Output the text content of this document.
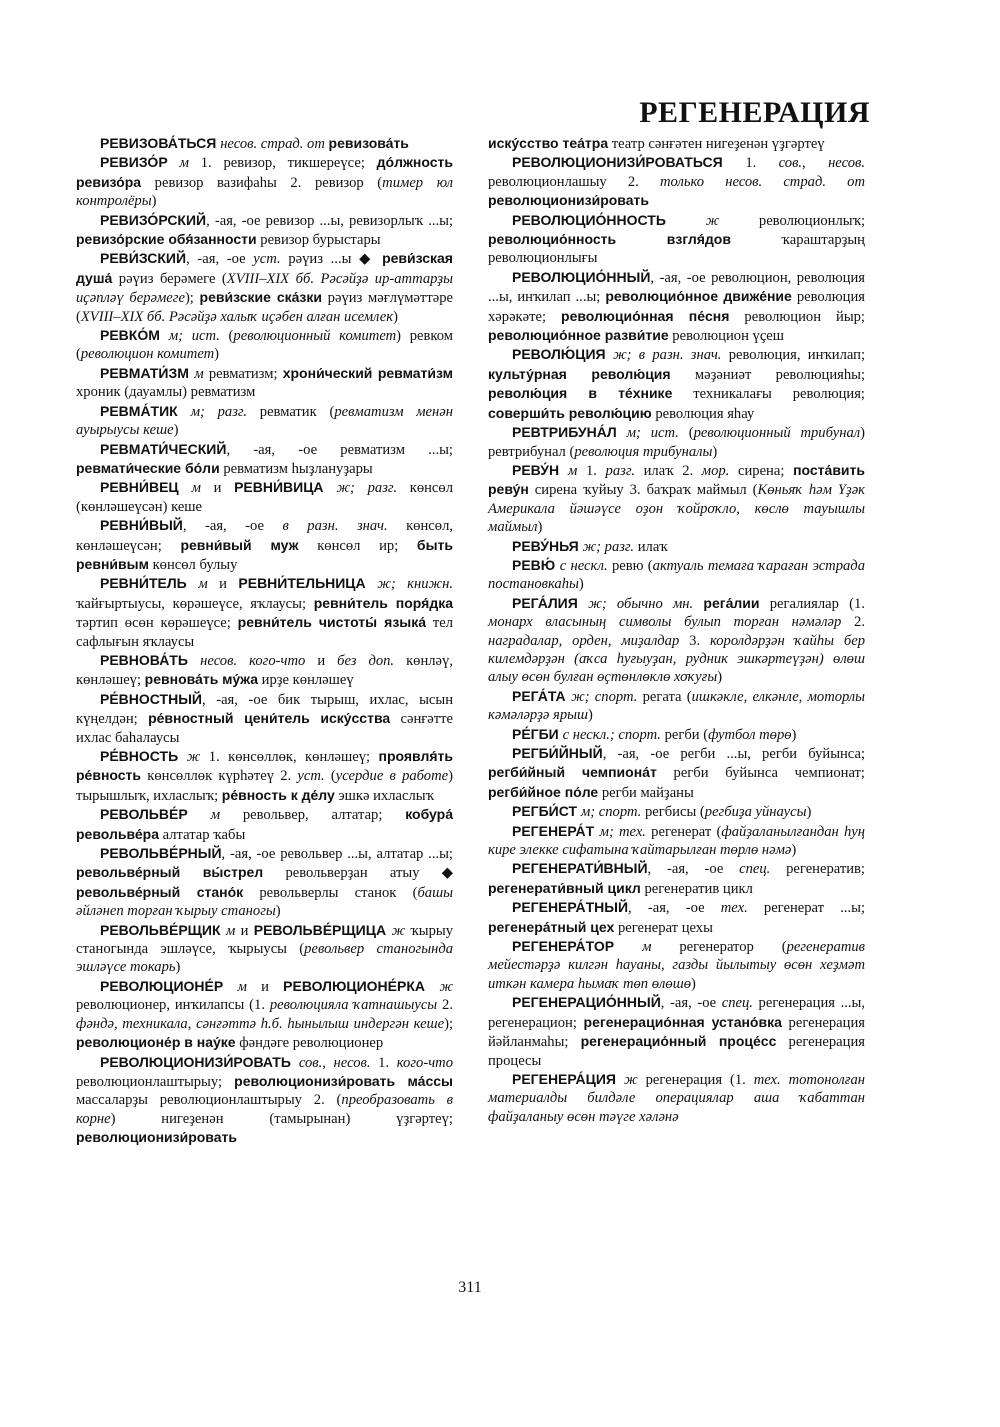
РЕГЕНЕРАЦИЯ

РЕВИЗОВА́ТЬСЯ несов. страд. от ревизова́ть

РЕВИЗО́Р м 1. ревизор, тикшереүсе; до́лжность ревизо́ра ревизор вазифаһы 2. ревизор (тимер юл контролёры)

РЕВИЗО́РСКИЙ, -ая, -ое ревизор ...ы, ревизорлыҡ ...ы; ревизо́рские обя́занности ревизор бурыстары

РЕВИ́ЗСКИЙ, -ая, -ое уст. рәүиз ...ы ◆ реви́зская душа́ рәүиз берәмеге (XVIII–XIX бб. Рәсәйҙә ир-аттарҙы иҫәпләү берәмеге); реви́зские ска́зки рәүиз мәғлүмәттәре (XVIII–XIX бб. Рәсәйҙә халыҡ иҫәбен алған исемлек)

РЕВКО́М м; ист. (революционный комитет) ревком (революцион комитет)

РЕВМАТИ́ЗМ м ревматизм; хрони́ческий ревмати́зм хроник (дауамлы) ревматизм

РЕВМА́ТИК м; разг. ревматик (ревматизм менән ауырыусы кеше)

РЕВМАТИ́ЧЕСКИЙ, -ая, -ое ревматизм ...ы; ревмати́ческие бо́ли ревматизм һыҙлануҙары

РЕВНИ́ВЕЦ м и РЕВНИ́ВИЦА ж; разг. көнсөл (көнләшеүсән) кеше

РЕВНИ́ВЫЙ, -ая, -ое в разн. знач. көнсөл, көнләшеүсән; ревни́вый муж көнсөл ир; быть ревни́вым көнсөл булыу

РЕВНИ́ТЕЛЬ м и РЕВНИ́ТЕЛЬНИЦА ж; книжн. ҡайғыртыусы, көрәшеүсе, яҡлаусы; ревни́тель поря́дка тәртип өсөн көрәшеүсе; ревни́тель чистоты́ языка́ тел сафлығын яҡлаусы

РЕВНОВА́ТЬ несов. кого-что и без доп. көнләү, көнләшеү; ревнова́ть му́жа ирҙе көнләшеү

РЕ́ВНОСТНЫЙ, -ая, -ое бик тырыш, ихлас, ысын күңелдән; ре́вностный цени́тель иску́сства сәнғәтте ихлас баһалаусы

РЕ́ВНОСТЬ ж 1. көнсөллөк, көнләшеү; проявля́ть ре́вность көнсөллөк күрһәтеү 2. уст. (усердие в работе) тырышлыҡ, ихласлыҡ; ре́вность к де́лу эшкә ихласлыҡ

РЕВОЛЬВЕ́Р м револьвер, алтатар; кобура́ револьве́ра алтатар ҡабы

РЕВОЛЬВЕ́РНЫЙ, -ая, -ое револьвер ...ы, алтатар ...ы; револьве́рный вы́стрел револьверҙан атыу ◆ револьве́рный стано́к револьверлы станок (башы әйләнеп торған ҡырыу станогы)

РЕВОЛЬВЕ́РЩИК м и РЕВОЛЬВЕ́РЩИЦА ж ҡырыу станогында эшләүсе, ҡырыусы (револьвер станогында эшләүсе токарь)

РЕВОЛЮЦИОНЕ́Р м и РЕВОЛЮЦИОНЕ́РКА ж революционер, инҡилапсы (1. революцияла ҡатнашыусы 2. фәндә, техникала, сәнғәттә һ.б. һынылыш индергән кеше); революционе́р в нау́ке фәндәге революционер

РЕВОЛЮЦИОНИЗИ́РОВАТЬ сов., несов. 1. кого-что революционлаштырыу; революционизи́ровать ма́ссы массаларҙы революционлаштырыу 2. (преобразовать в корне) нигеҙенән (тамырынан) үҙгәртеү; революционизи́ровать

иску́сство теа́тра театр сәнғәтен нигеҙенән үҙгәртеү

РЕВОЛЮЦИОНИЗИ́РОВАТЬСЯ 1. сов., несов. революционлашыу 2. только несов. страд. от революционизи́ровать

РЕВОЛЮЦИО́ННОСТЬ ж революционлыҡ; революцио́нность взгля́дов ҡараштарҙың революционлығы

РЕВОЛЮЦИО́ННЫЙ, -ая, -ое революцион, революция ...ы, инҡилап ...ы; революцио́нное движе́ние революция хәрәкәте; революцио́нная пе́сня революцион йыр; революцио́нное разви́тие революцион үҫеш

РЕВОЛЮ́ЦИЯ ж; в разн. знач. революция, инҡилап; культу́рная револю́ция мәҙәниәт революцияһы; револю́ция в те́хнике техникалағы революция; соверши́ть револю́цию революция яһау

РЕВТРИБУНА́Л м; ист. (революционный трибунал) ревтрибунал (революция трибуналы)

РЕВУ́Н м 1. разг. илаҡ 2. мор. сирена; поста́вить реву́н сирена ҡуйыу 3. баҡраҡ маймыл (Көньяҡ һәм Үҙәк Америкала йәшәүсе оҙон ҡойроҡло, көслө тауышлы маймыл)

РЕВУ́НЬЯ ж; разг. илаҡ

РЕВЮ́ с нескл. ревю (актуаль темаға ҡараған эстрада постановкаһы)

РЕГА́ЛИЯ ж; обычно мн. рега́лии регалиялар (1. монарх власының символы булып торған нәмәләр 2. наградалар, орден, миҙалдар 3. королдәрҙән ҡайһы бер килемдәрҙән (аҡса һуғыуҙан, рудник эшкәртеүҙән) өлөш алыу өсөн булған өҫтөнлөклө хоҡуғы)

РЕГА́ТА ж; спорт. регата (ишкәкле, елкәнле, моторлы кәмәләрҙә ярыш)

РЕ́ГБИ с нескл.; спорт. регби (футбол төрө)

РЕГБИ́ЙНЫЙ, -ая, -ое регби ...ы, регби буйынса; регби́йный чемпиона́т регби буйынса чемпионат; регби́йное по́ле регби майҙаны

РЕГБИ́СТ м; спорт. регбисы (регбиҙа уйнаусы)

РЕГЕНЕРА́Т м; тех. регенерат (файҙаланылғандан һуң кире элекке сифатына ҡайтарылған төрлө нәмә)

РЕГЕНЕРАТИ́ВНЫЙ, -ая, -ое спец. регенератив; регенерати́вный цикл регенератив цикл

РЕГЕНЕРА́ТНЫЙ, -ая, -ое тех. регенерат ...ы; регенера́тный цех регенерат цехы

РЕГЕНЕРА́ТОР м регенератор (регенератив мейестәрҙә килгән һауаны, газды йылытыу өсөн хеҙмәт иткән камера һымаҡ төп өлөшө)

РЕГЕНЕРАЦИО́ННЫЙ, -ая, -ое спец. регенерация ...ы, регенерацион; регенерацио́нная устано́вка регенерация йәйланмаһы; регенерацио́нный проце́сс регенерация процесы

РЕГЕНЕРА́ЦИЯ ж регенерация (1. тех. тотонолған материалды билдәле операциялар аша ҡабаттан файҙаланыу өсөн тәүге хәләнә

311
